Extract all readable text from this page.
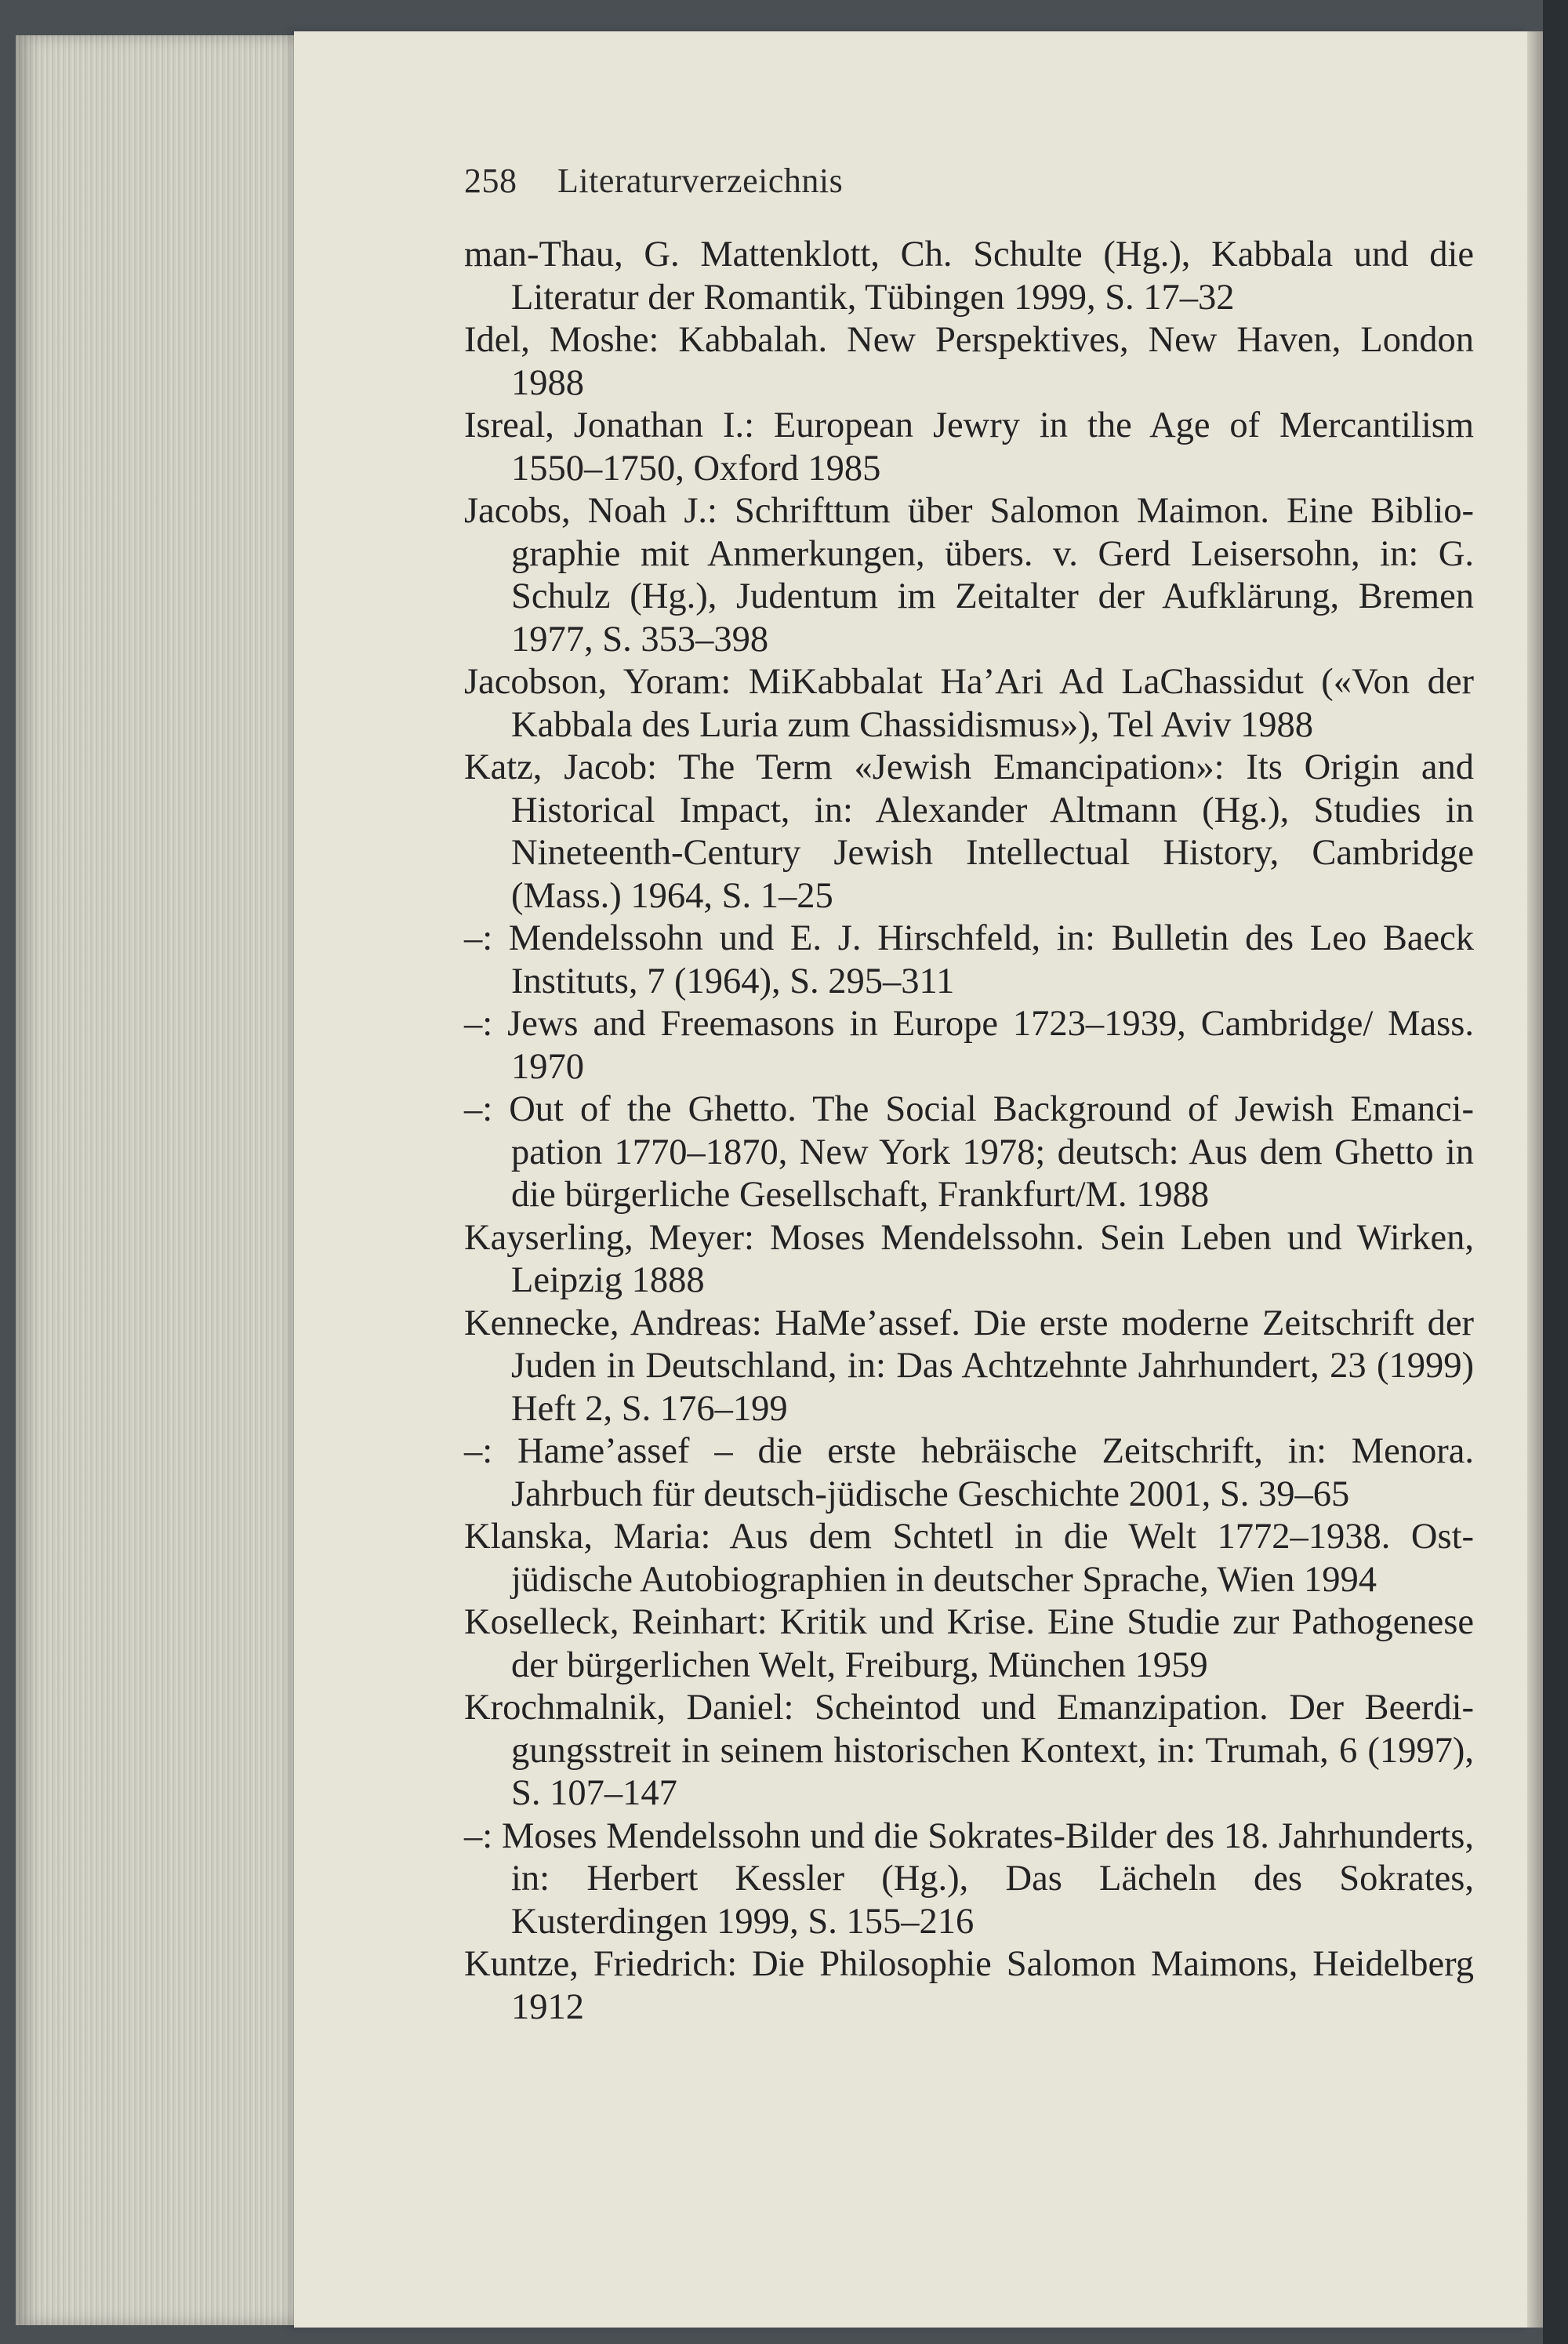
258 Literaturverzeichnis
man-Thau, G. Mattenklott, Ch. Schulte (Hg.), Kabbala und die Literatur der Romantik, Tübingen 1999, S. 17–32
Idel, Moshe: Kabbalah. New Perspektives, New Haven, London 1988
Isreal, Jonathan I.: European Jewry in the Age of Mercantilism 1550–1750, Oxford 1985
Jacobs, Noah J.: Schrifttum über Salomon Maimon. Eine Bibliographie mit Anmerkungen, übers. v. Gerd Leisersohn, in: G. Schulz (Hg.), Judentum im Zeitalter der Aufklärung, Bremen 1977, S. 353–398
Jacobson, Yoram: MiKabbalat Ha’Ari Ad LaChassidut («Von der Kabbala des Luria zum Chassidismus»), Tel Aviv 1988
Katz, Jacob: The Term «Jewish Emancipation»: Its Origin and Historical Impact, in: Alexander Altmann (Hg.), Studies in Nineteenth-Century Jewish Intellectual History, Cambridge (Mass.) 1964, S. 1–25
–: Mendelssohn und E. J. Hirschfeld, in: Bulletin des Leo Baeck Instituts, 7 (1964), S. 295–311
–: Jews and Freemasons in Europe 1723–1939, Cambridge/ Mass. 1970
–: Out of the Ghetto. The Social Background of Jewish Emancipation 1770–1870, New York 1978; deutsch: Aus dem Ghetto in die bürgerliche Gesellschaft, Frankfurt/M. 1988
Kayserling, Meyer: Moses Mendelssohn. Sein Leben und Wirken, Leipzig 1888
Kennecke, Andreas: HaMe’assef. Die erste moderne Zeitschrift der Juden in Deutschland, in: Das Achtzehnte Jahrhundert, 23 (1999) Heft 2, S. 176–199
–: Hame’assef – die erste hebräische Zeitschrift, in: Menora. Jahrbuch für deutsch-jüdische Geschichte 2001, S. 39–65
Klanska, Maria: Aus dem Schtetl in die Welt 1772–1938. Ostjüdische Autobiographien in deutscher Sprache, Wien 1994
Koselleck, Reinhart: Kritik und Krise. Eine Studie zur Pathogenese der bürgerlichen Welt, Freiburg, München 1959
Krochmalnik, Daniel: Scheintod und Emanzipation. Der Beerdigungsstreit in seinem historischen Kontext, in: Trumah, 6 (1997), S. 107–147
–: Moses Mendelssohn und die Sokrates-Bilder des 18. Jahrhunderts, in: Herbert Kessler (Hg.), Das Lächeln des Sokrates, Kusterdingen 1999, S. 155–216
Kuntze, Friedrich: Die Philosophie Salomon Maimons, Heidelberg 1912
